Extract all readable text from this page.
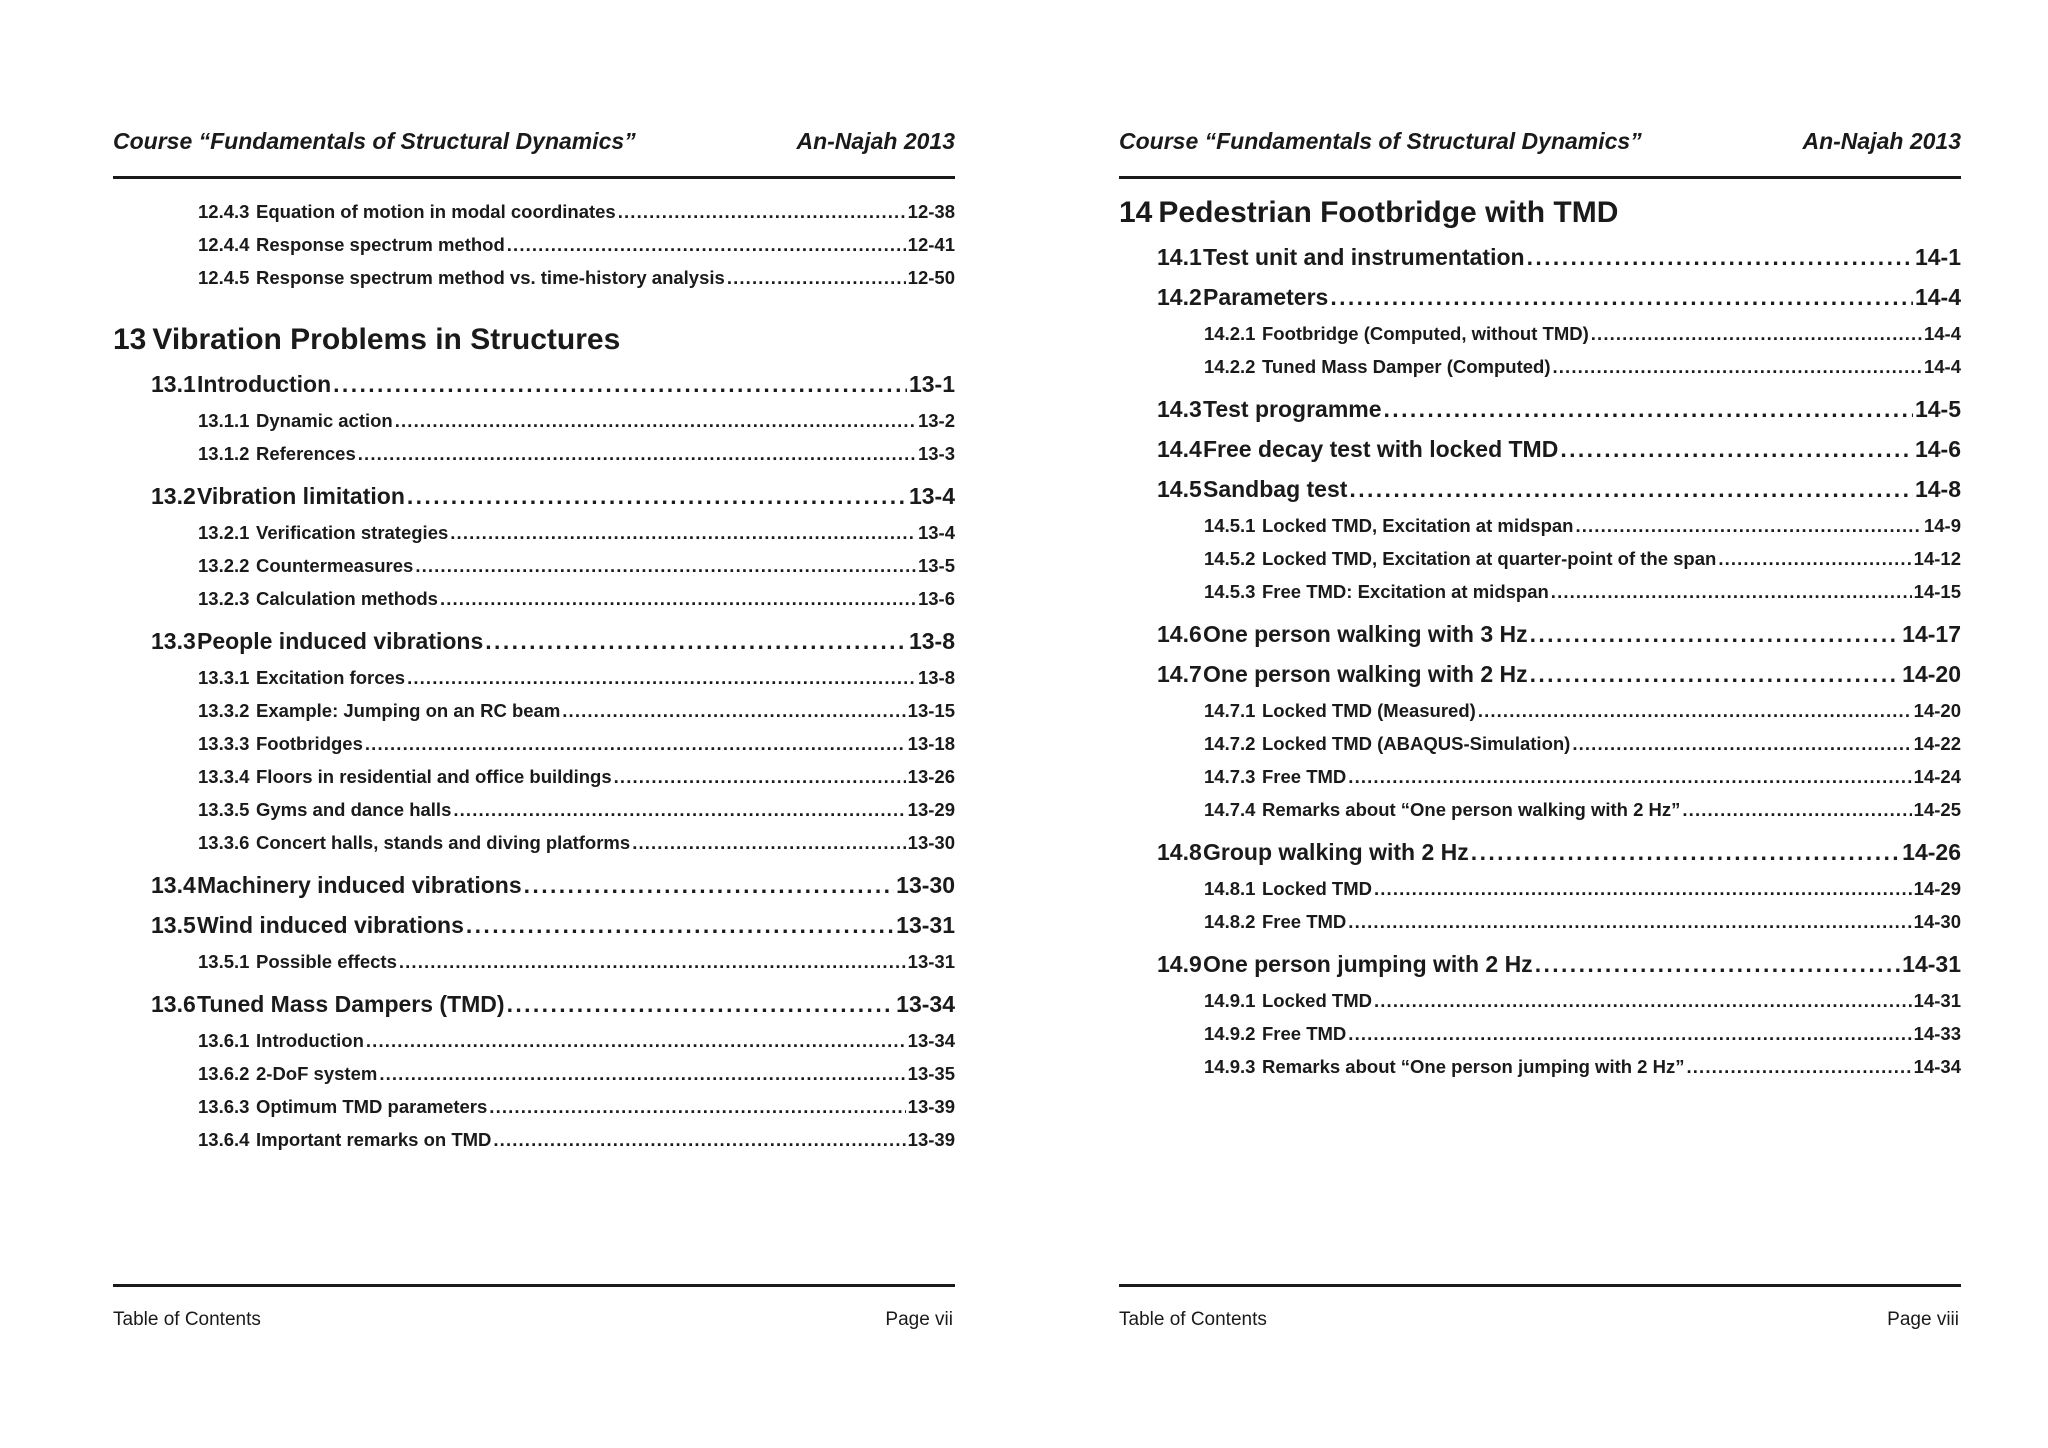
Course “Fundamentals of Structural Dynamics”	An-Najah 2013
12.4.3 Equation of motion in modal coordinates . . .	12-38
12.4.4 Response spectrum method . . .	12-41
12.4.5 Response spectrum method vs. time-history analysis . . .	12-50
13 Vibration Problems in Structures
13.1 Introduction . . .	13-1
13.1.1 Dynamic action . . .	13-2
13.1.2 References . . .	13-3
13.2 Vibration limitation . . .	13-4
13.2.1 Verification strategies . . .	13-4
13.2.2 Countermeasures . . .	13-5
13.2.3 Calculation methods . . .	13-6
13.3 People induced vibrations . . .	13-8
13.3.1 Excitation forces . . .	13-8
13.3.2 Example: Jumping on an RC beam . . .	13-15
13.3.3 Footbridges . . .	13-18
13.3.4 Floors in residential and office buildings . . .	13-26
13.3.5 Gyms and dance halls . . .	13-29
13.3.6 Concert halls, stands and diving platforms . . .	13-30
13.4 Machinery induced vibrations . . .	13-30
13.5 Wind induced vibrations . . .	13-31
13.5.1 Possible effects . . .	13-31
13.6 Tuned Mass Dampers (TMD) . . .	13-34
13.6.1 Introduction . . .	13-34
13.6.2 2-DoF system . . .	13-35
13.6.3 Optimum TMD parameters . . .	13-39
13.6.4 Important remarks on TMD . . .	13-39
Table of Contents	Page vii
Course “Fundamentals of Structural Dynamics”	An-Najah 2013
14 Pedestrian Footbridge with TMD
14.1 Test unit and instrumentation . . .	14-1
14.2 Parameters . . .	14-4
14.2.1 Footbridge (Computed, without TMD) . . .	14-4
14.2.2 Tuned Mass Damper (Computed) . . .	14-4
14.3 Test programme . . .	14-5
14.4 Free decay test with locked TMD . . .	14-6
14.5 Sandbag test . . .	14-8
14.5.1 Locked TMD, Excitation at midspan . . .	14-9
14.5.2 Locked TMD, Excitation at quarter-point of the span . . .	14-12
14.5.3 Free TMD: Excitation at midspan . . .	14-15
14.6 One person walking with 3 Hz . . .	14-17
14.7 One person walking with 2 Hz . . .	14-20
14.7.1 Locked TMD (Measured) . . .	14-20
14.7.2 Locked TMD (ABAQUS-Simulation) . . .	14-22
14.7.3 Free TMD . . .	14-24
14.7.4 Remarks about “One person walking with 2 Hz” . . .	14-25
14.8 Group walking with 2 Hz . . .	14-26
14.8.1 Locked TMD . . .	14-29
14.8.2 Free TMD . . .	14-30
14.9 One person jumping with 2 Hz . . .	14-31
14.9.1 Locked TMD . . .	14-31
14.9.2 Free TMD . . .	14-33
14.9.3 Remarks about “One person jumping with 2 Hz” . . .	14-34
Table of Contents	Page viii
